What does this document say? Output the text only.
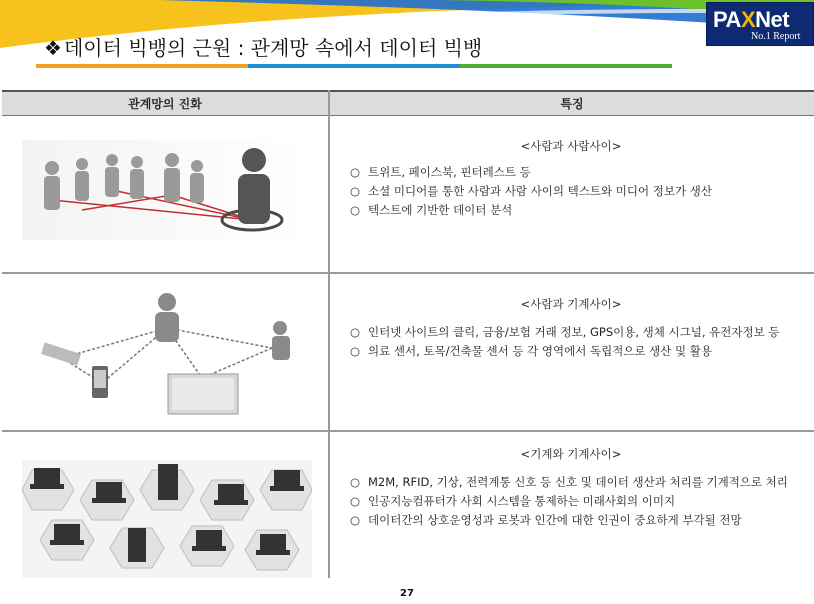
PAXNet
No.1 Report
❖ 데이터 빅뱅의 근원 : 관계망 속에서 데이터 빅뱅
관계망의 진화	특징
<사람과 사람사이>
○ 트위트, 페이스북, 핀터레스트 등
○ 소셜 미디어를 통한 사람과 사람 사이의 텍스트와 미디어 정보가 생산
○ 텍스트에 기반한 데이터 분석
<사람과 기계사이>
○ 인터넷 사이트의 클릭, 금융/보험 거래 정보, GPS이용, 생체 시그널, 유전자정보 등
○ 의료 센서, 토목/건축물 센서 등 각 영역에서 독립적으로 생산 및 활용
<기계와 기계사이>
○ M2M, RFID, 기상, 전력계통 신호 등 신호 및 데이터 생산과 처리를 기계적으로 처리
○ 인공지능컴퓨터가 사회 시스템을 통제하는 미래사회의 이미지
○ 데이터간의 상호운영성과 로봇과 인간에 대한 인권이 중요하게 부각될 전망
27
